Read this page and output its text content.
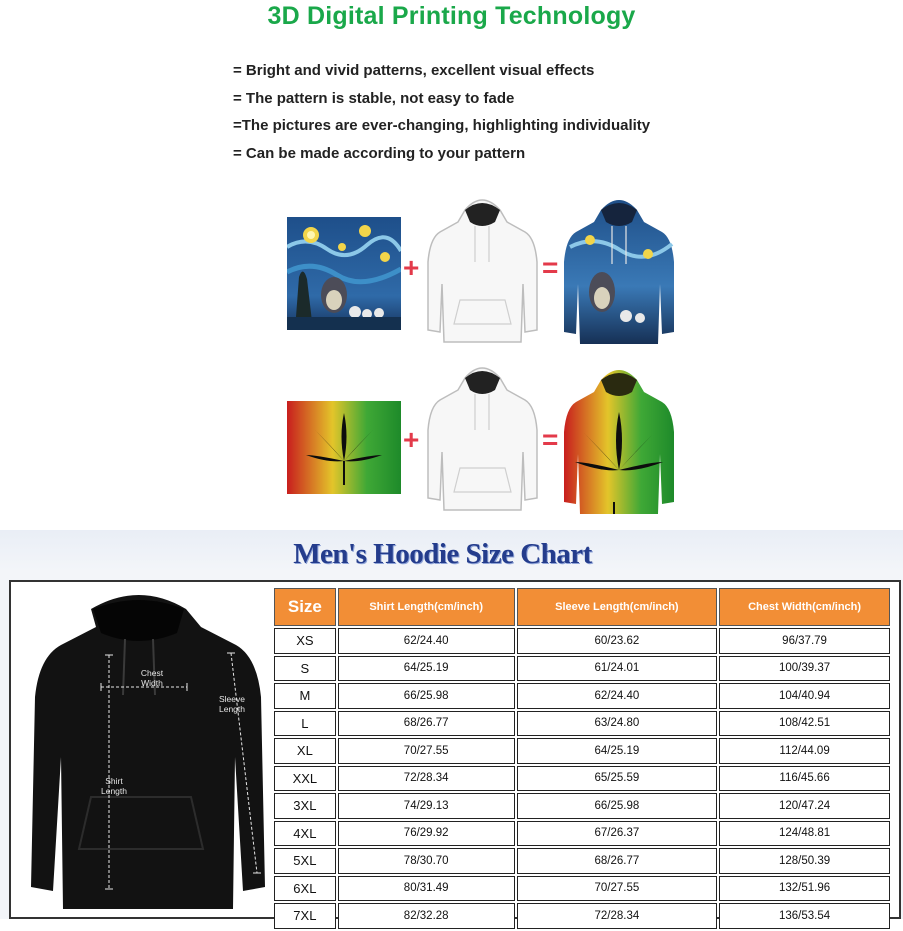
3D Digital Printing Technology
= Bright and vivid patterns, excellent visual effects
= The pattern is stable, not easy to fade
=The pictures are ever-changing, highlighting individuality
= Can be made according to your pattern
+	=
+	=
Men's Hoodie Size Chart
Chest
Width
Sleeve
Length
Shirt
Length
Size	Shirt Length(cm/inch)	Sleeve Length(cm/inch)	Chest Width(cm/inch)
XS	62/24.40	60/23.62	96/37.79
S	64/25.19	61/24.01	100/39.37
M	66/25.98	62/24.40	104/40.94
L	68/26.77	63/24.80	108/42.51
XL	70/27.55	64/25.19	112/44.09
XXL	72/28.34	65/25.59	116/45.66
3XL	74/29.13	66/25.98	120/47.24
4XL	76/29.92	67/26.37	124/48.81
5XL	78/30.70	68/26.77	128/50.39
6XL	80/31.49	70/27.55	132/51.96
7XL	82/32.28	72/28.34	136/53.54
